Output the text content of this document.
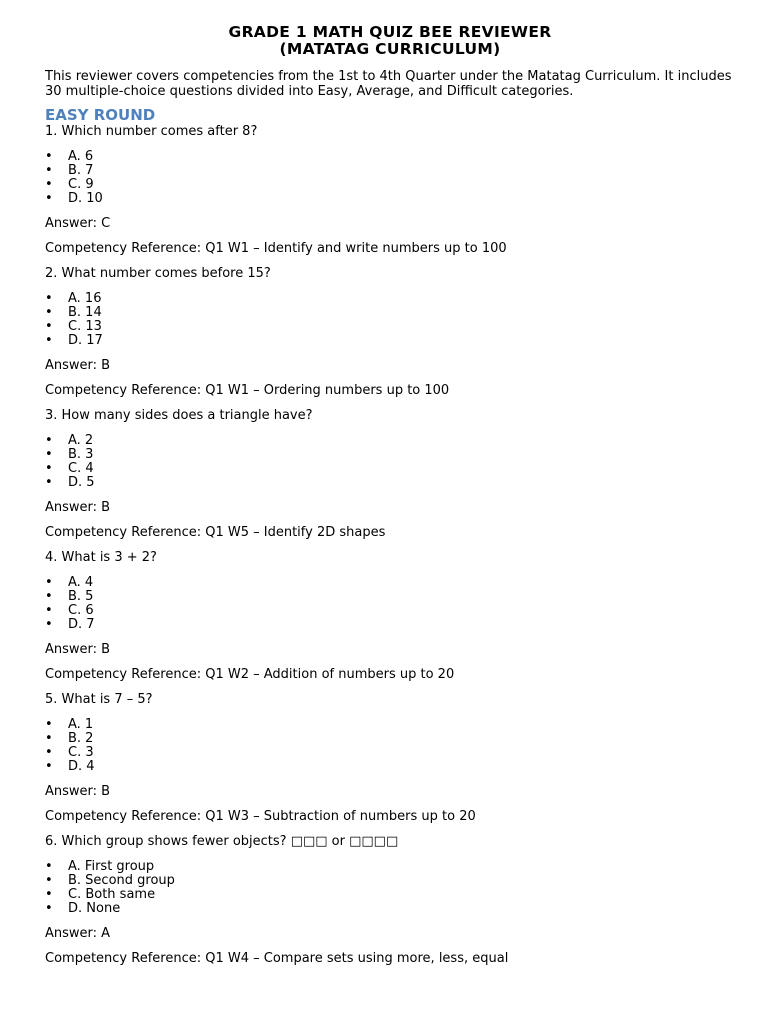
GRADE 1 MATH QUIZ BEE REVIEWER

(MATATAG CURRICULUM)

This reviewer covers competencies from the 1st to 4th Quarter under the Matatag Curriculum. It includes 30 multiple-choice questions divided into Easy, Average, and Difficult categories.

EASY ROUND

1. Which number comes after 8?

• A. 6
• B. 7
• C. 9
• D. 10

Answer: C

Competency Reference: Q1 W1 – Identify and write numbers up to 100

2. What number comes before 15?

• A. 16
• B. 14
• C. 13
• D. 17

Answer: B

Competency Reference: Q1 W1 – Ordering numbers up to 100

3. How many sides does a triangle have?

• A. 2
• B. 3
• C. 4
• D. 5

Answer: B

Competency Reference: Q1 W5 – Identify 2D shapes

4. What is 3 + 2?

• A. 4
• B. 5
• C. 6
• D. 7

Answer: B

Competency Reference: Q1 W2 – Addition of numbers up to 20

5. What is 7 – 5?

• A. 1
• B. 2
• C. 3
• D. 4

Answer: B

Competency Reference: Q1 W3 – Subtraction of numbers up to 20

6. Which group shows fewer objects? □□□ or □□□□

• A. First group
• B. Second group
• C. Both same
• D. None

Answer: A

Competency Reference: Q1 W4 – Compare sets using more, less, equal
